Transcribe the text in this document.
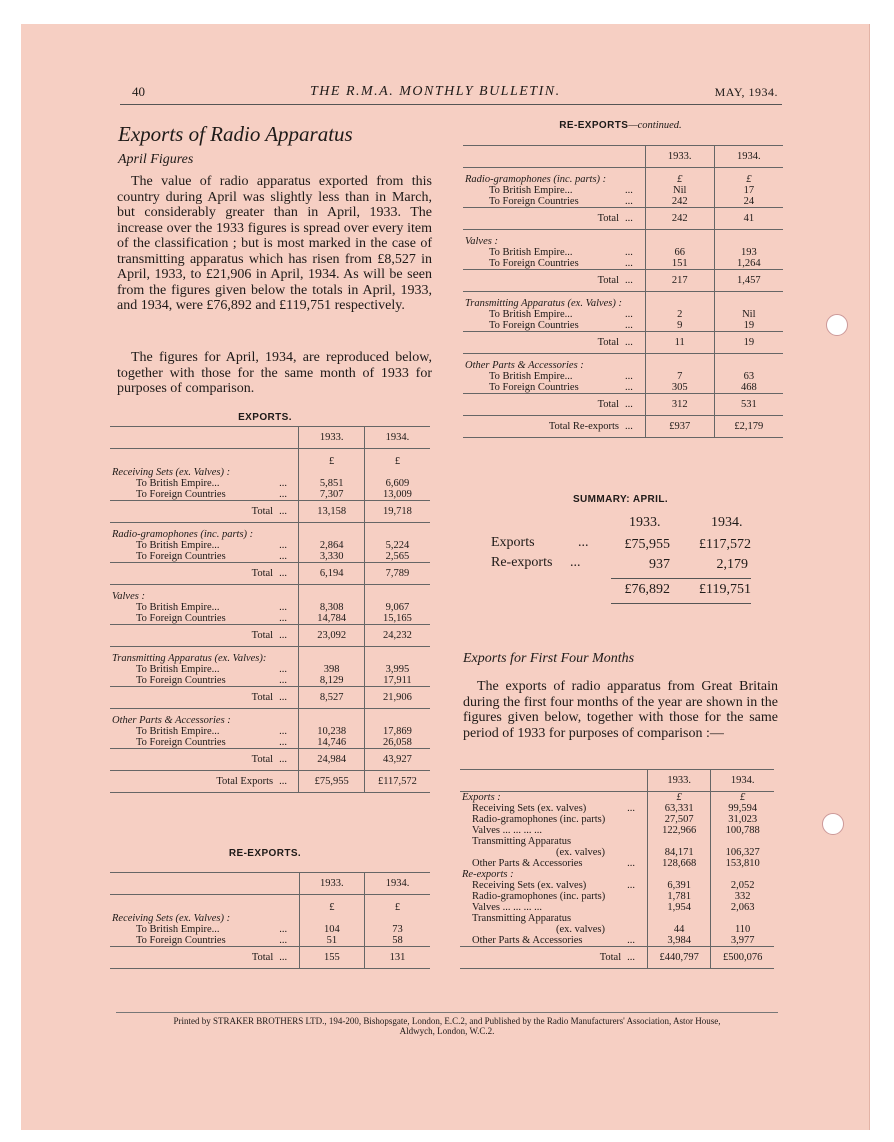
40	THE R.M.A. MONTHLY BULLETIN.	MAY, 1934.
Exports of Radio Apparatus
April Figures

The value of radio apparatus exported from this country during April was slightly less than in March, but considerably greater than in April, 1933. The increase over the 1933 figures is spread over every item of the classification ; but is most marked in the case of transmitting apparatus which has risen from £8,527 in April, 1933, to £21,906 in April, 1934. As will be seen from the figures given below the totals in April, 1933, and 1934, were £76,892 and £119,751 respectively.

The figures for April, 1934, are reproduced below, together with those for the same month of 1933 for purposes of comparison.

EXPORTS.
		1933.	1934.
		£	£
Receiving Sets (ex. Valves) :			
To British Empire...	...	5,851	6,609
To Foreign Countries	...	7,307	13,009
Total	...	13,158	19,718

Radio-gramophones (inc. parts) :			
To British Empire...	...	2,864	5,224
To Foreign Countries	...	3,330	2,565
Total	...	6,194	7,789

Valves :			
To British Empire...	...	8,308	9,067
To Foreign Countries	...	14,784	15,165
Total	...	23,092	24,232

Transmitting Apparatus (ex. Valves):			
To British Empire...	...	398	3,995
To Foreign Countries	...	8,129	17,911
Total	...	8,527	21,906

Other Parts & Accessories :			
To British Empire...	...	10,238	17,869
To Foreign Countries	...	14,746	26,058
Total	...	24,984	43,927
Total Exports	...	£75,955	£117,572
RE-EXPORTS.
		1933.	1934.
		£	£
Receiving Sets (ex. Valves) :			
To British Empire...	...	104	73
To Foreign Countries	...	51	58
Total	...	155	131
RE-EXPORTS—continued.
		1933.	1934.

Radio-gramophones (inc. parts) :		£	£
To British Empire...	...	Nil	17
To Foreign Countries	...	242	24
Total	...	242	41

Valves :			
To British Empire...	...	66	193
To Foreign Countries	...	151	1,264
Total	...	217	1,457

Transmitting Apparatus (ex. Valves) :			
To British Empire...	...	2	Nil
To Foreign Countries	...	9	19
Total	...	11	19

Other Parts & Accessories :			
To British Empire...	...	7	63
To Foreign Countries	...	305	468
Total	...	312	531
Total Re-exports	...	£937	£2,179
SUMMARY: APRIL.
1933.	1934.
Exports	...	£75,955	£117,572
Re-exports ...	937	2,179
£76,892	£119,751
Exports for First Four Months

The exports of radio apparatus from Great Britain during the first four months of the year are shown in the figures given below, together with those for the same period of 1933 for purposes of comparison :—

		1933.	1934.
Exports :		£	£
Receiving Sets (ex. valves)	...	63,331	99,594
Radio-gramophones (inc. parts)		27,507	31,023
Valves ... ... ... ...		122,966	100,788
Transmitting Apparatus			
(ex. valves)		84,171	106,327
Other Parts & Accessories	...	128,668	153,810
Re-exports :			
Receiving Sets (ex. valves)	...	6,391	2,052
Radio-gramophones (inc. parts)		1,781	332
Valves ... ... ... ...		1,954	2,063
Transmitting Apparatus			
(ex. valves)		44	110
Other Parts & Accessories	...	3,984	3,977
Total	...	£440,797	£500,076
Printed by STRAKER BROTHERS LTD., 194-200, Bishopsgate, London, E.C.2, and Published by the Radio Manufacturers' Association, Astor House,
Aldwych, London, W.C.2.
